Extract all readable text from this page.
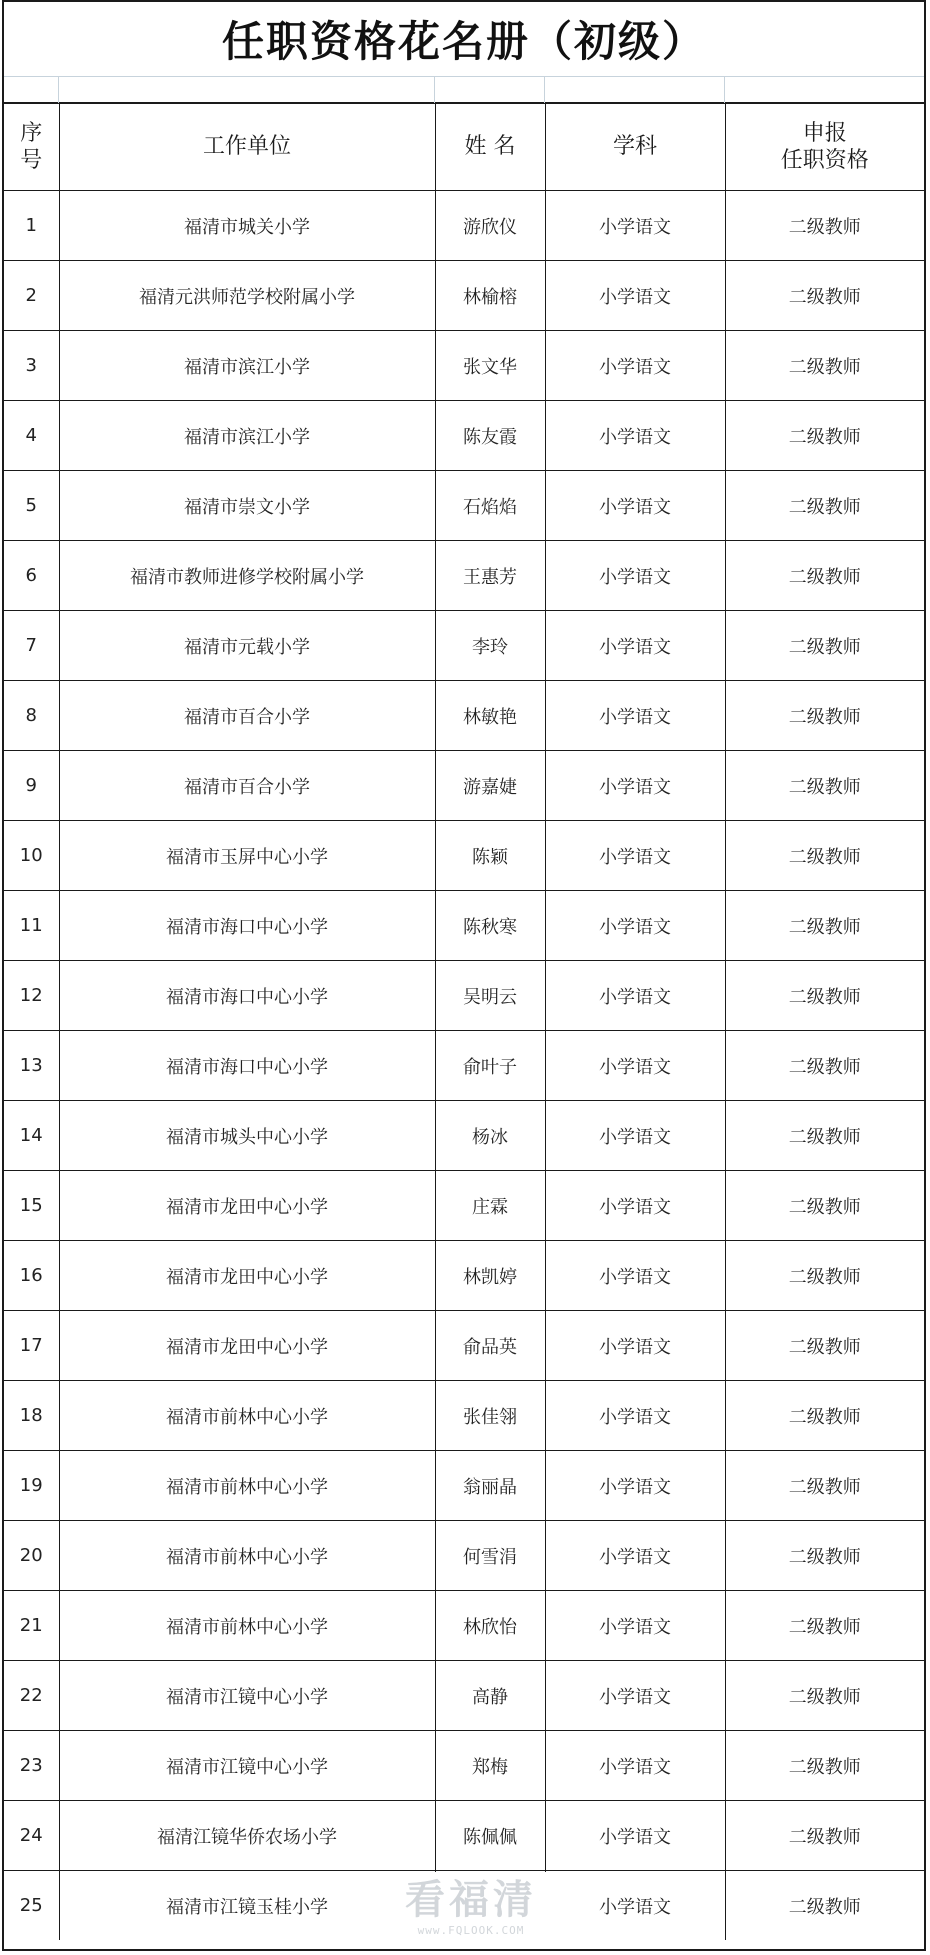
任职资格花名册（初级）
序
号	工作单位	姓 名	学科	申报
任职资格
1	福清市城关小学	游欣仪	小学语文	二级教师
2	福清元洪师范学校附属小学	林榆榕	小学语文	二级教师
3	福清市滨江小学	张文华	小学语文	二级教师
4	福清市滨江小学	陈友霞	小学语文	二级教师
5	福清市崇文小学	石焰焰	小学语文	二级教师
6	福清市教师进修学校附属小学	王惠芳	小学语文	二级教师
7	福清市元载小学	李玲	小学语文	二级教师
8	福清市百合小学	林敏艳	小学语文	二级教师
9	福清市百合小学	游嘉婕	小学语文	二级教师
10	福清市玉屏中心小学	陈颖	小学语文	二级教师
11	福清市海口中心小学	陈秋寒	小学语文	二级教师
12	福清市海口中心小学	吴明云	小学语文	二级教师
13	福清市海口中心小学	俞叶子	小学语文	二级教师
14	福清市城头中心小学	杨冰	小学语文	二级教师
15	福清市龙田中心小学	庄霖	小学语文	二级教师
16	福清市龙田中心小学	林凯婷	小学语文	二级教师
17	福清市龙田中心小学	俞品英	小学语文	二级教师
18	福清市前林中心小学	张佳翎	小学语文	二级教师
19	福清市前林中心小学	翁丽晶	小学语文	二级教师
20	福清市前林中心小学	何雪涓	小学语文	二级教师
21	福清市前林中心小学	林欣怡	小学语文	二级教师
22	福清市江镜中心小学	高静	小学语文	二级教师
23	福清市江镜中心小学	郑梅	小学语文	二级教师
24	福清江镜华侨农场小学	陈佩佩	小学语文	二级教师
25	福清市江镜玉桂小学		小学语文	二级教师
看福清
www.FQLOOK.COM
